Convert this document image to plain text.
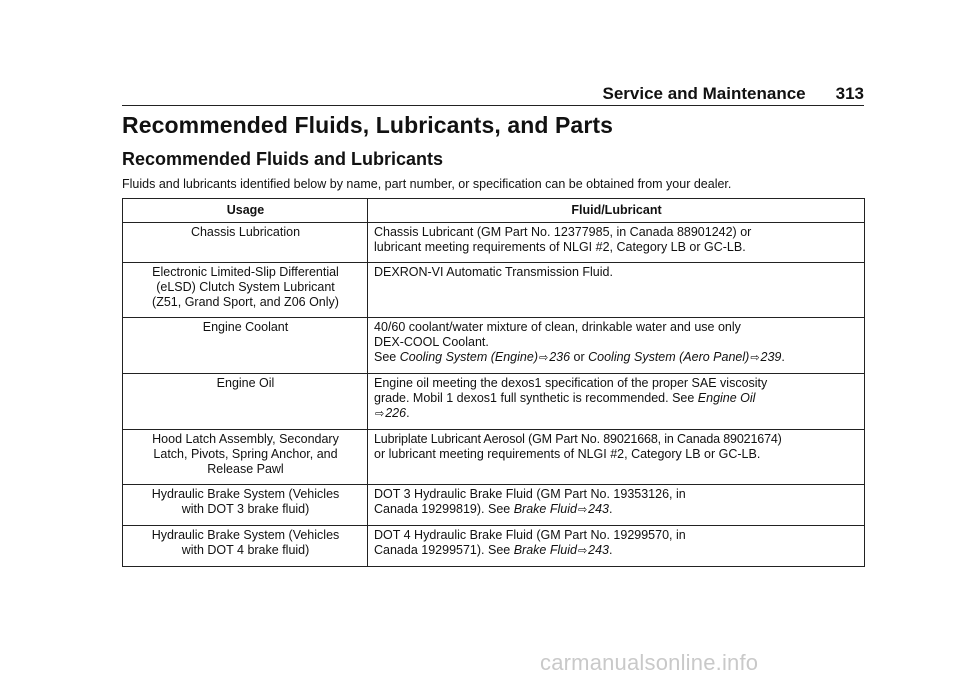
Service and Maintenance 313
Recommended Fluids, Lubricants, and Parts
Recommended Fluids and Lubricants

Fluids and lubricants identified below by name, part number, or specification can be obtained from your dealer.

Usage	Fluid/Lubricant

Chassis Lubrication	Chassis Lubricant (GM Part No. 12377985, in Canada 88901242) or
lubricant meeting requirements of NLGI #2, Category LB or GC-LB.

Electronic Limited-Slip Differential
(eLSD) Clutch System Lubricant
(Z51, Grand Sport, and Z06 Only)	DEXRON-VI Automatic Transmission Fluid.

Engine Coolant	40/60 coolant/water mixture of clean, drinkable water and use only
DEX-COOL Coolant.
See Cooling System (Engine)⇨236 or Cooling System (Aero Panel)⇨239.

Engine Oil	Engine oil meeting the dexos1 specification of the proper SAE viscosity
grade. Mobil 1 dexos1 full synthetic is recommended. See Engine Oil
⇨226.

Hood Latch Assembly, Secondary
Latch, Pivots, Spring Anchor, and
Release Pawl	Lubriplate Lubricant Aerosol (GM Part No. 89021668, in Canada 89021674)
or lubricant meeting requirements of NLGI #2, Category LB or GC-LB.

Hydraulic Brake System (Vehicles
with DOT 3 brake fluid)	DOT 3 Hydraulic Brake Fluid (GM Part No. 19353126, in
Canada 19299819). See Brake Fluid⇨243.

Hydraulic Brake System (Vehicles
with DOT 4 brake fluid)	DOT 4 Hydraulic Brake Fluid (GM Part No. 19299570, in
Canada 19299571). See Brake Fluid⇨243.
carmanualsonline.info
